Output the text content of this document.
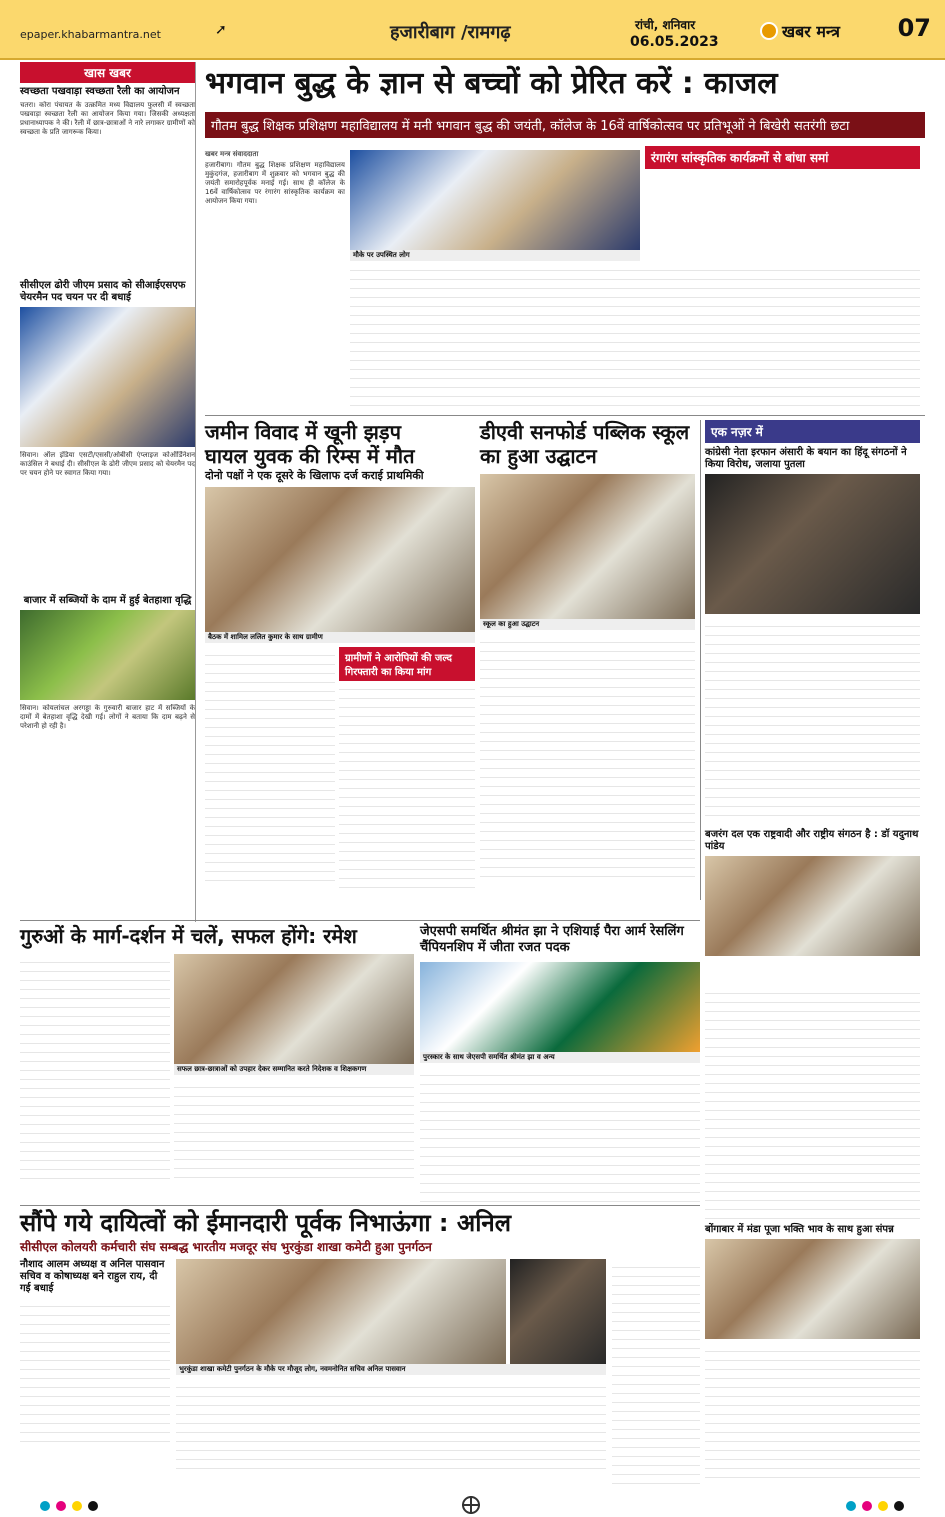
epaper.khabarmantra.net	➚	हजारीबाग /रामगढ़	रांची, शनिवार
06.05.2023
खबर मन्त्र 07
खास खबर
स्वच्छता पखवाड़ा स्वच्छता रैली का आयोजन
चतरा। कोरा पंचायत के उत्क्रमित मध्य विद्यालय फुलसी में स्वच्छता पखवाड़ा स्वच्छता रैली का आयोजन किया गया। जिसकी अध्यक्षता प्रधानाध्यापक ने की। रैली में छात्र-छात्राओं ने नारे लगाकर ग्रामीणों को स्वच्छता के प्रति जागरूक किया।
सीसीएल ढोरी जीएम प्रसाद को सीआईएसएफ चेयरमैन पद चयन पर दी बधाई
सिवान। ऑल इंडिया एसटी/एससी/ओबीसी एंप्लाइज कोऑर्डिनेशन काउंसिल ने बधाई दी। सीसीएल के ढोरी जीएम प्रसाद को चेयरमैन पद पर चयन होने पर स्वागत किया गया।
बाजार में सब्जियों के दाम में हुई बेतहाशा वृद्धि
सिवान। कोयलांचल अरगड्डा के गुरुवारी बाजार हाट में सब्जियों के दामों में बेतहाशा वृद्धि देखी गई। लोगों ने बताया कि दाम बढ़ने से परेशानी हो रही है।
भगवान बुद्ध के ज्ञान से बच्चों को प्रेरित करें : काजल
गौतम बुद्ध शिक्षक प्रशिक्षण महाविद्यालय में मनी भगवान बुद्ध की जयंती, कॉलेज के 16वें वार्षिकोत्सव पर प्रतिभूओं ने बिखेरी सतरंगी छटा
खबर मन्त्र संवाददाता
हजारीबाग। गौतम बुद्ध शिक्षक प्रशिक्षण महाविद्यालय मुकुंदगंज, हजारीबाग में शुक्रवार को भगवान बुद्ध की जयंती समारोहपूर्वक मनाई गई। साथ ही कॉलेज के 16वें वार्षिकोत्सव पर रंगारंग सांस्कृतिक कार्यक्रम का आयोजन किया गया।
मौके पर उपस्थित लोग
रंगारंग सांस्कृतिक कार्यक्रमों से बांधा समां
जमीन विवाद में खूनी झड़प
घायल युवक की रिम्स में मौत
दोनो पक्षों ने एक दूसरे के खिलाफ दर्ज कराई प्राथमिकी
बैठक में शामिल ललित कुमार के साथ ग्रामीण
ग्रामीणों ने आरोपियों की जल्द गिरफ्तारी का किया मांग
डीएवी सनफोर्ड पब्लिक स्कूल का हुआ उद्घाटन
स्कूल का हुआ उद्घाटन
एक नज़र में
कांग्रेसी नेता इरफान अंसारी के बयान का हिंदू संगठनों ने किया विरोध, जलाया पुतला
बजरंग दल एक राष्ट्रवादी और राष्ट्रीय संगठन है : डॉ यदुनाथ पांडेय
गुरुओं के मार्ग-दर्शन में चलें, सफल होंगे: रमेश
सफल छात्र-छात्राओं को उपहार देकर सम्मानित करते निदेशक व शिक्षकगण
जेएसपी समर्थित श्रीमंत झा ने एशियाई पैरा आर्म रेसलिंग चैंपियनशिप में जीता रजत पदक
पुरस्कार के साथ जेएसपी समर्थित श्रीमंत झा व अन्य
बोंगाबार में मंडा पूजा भक्ति भाव के साथ हुआ संपन्न
सौंपे गये दायित्वों को ईमानदारी पूर्वक निभाऊंगा : अनिल
सीसीएल कोलयरी कर्मचारी संघ सम्बद्ध भारतीय मजदूर संघ भुरकुंडा शाखा कमेटी हुआ पुनर्गठन
नौशाद आलम अध्यक्ष व अनिल पासवान सचिव व कोषाध्यक्ष बने राहुल राय, दी गई बधाई
भुरकुंडा शाखा कमेटी पुनर्गठन के मौके पर मौजूद लोग, नवमनोनित सचिव अनिल पासवान
